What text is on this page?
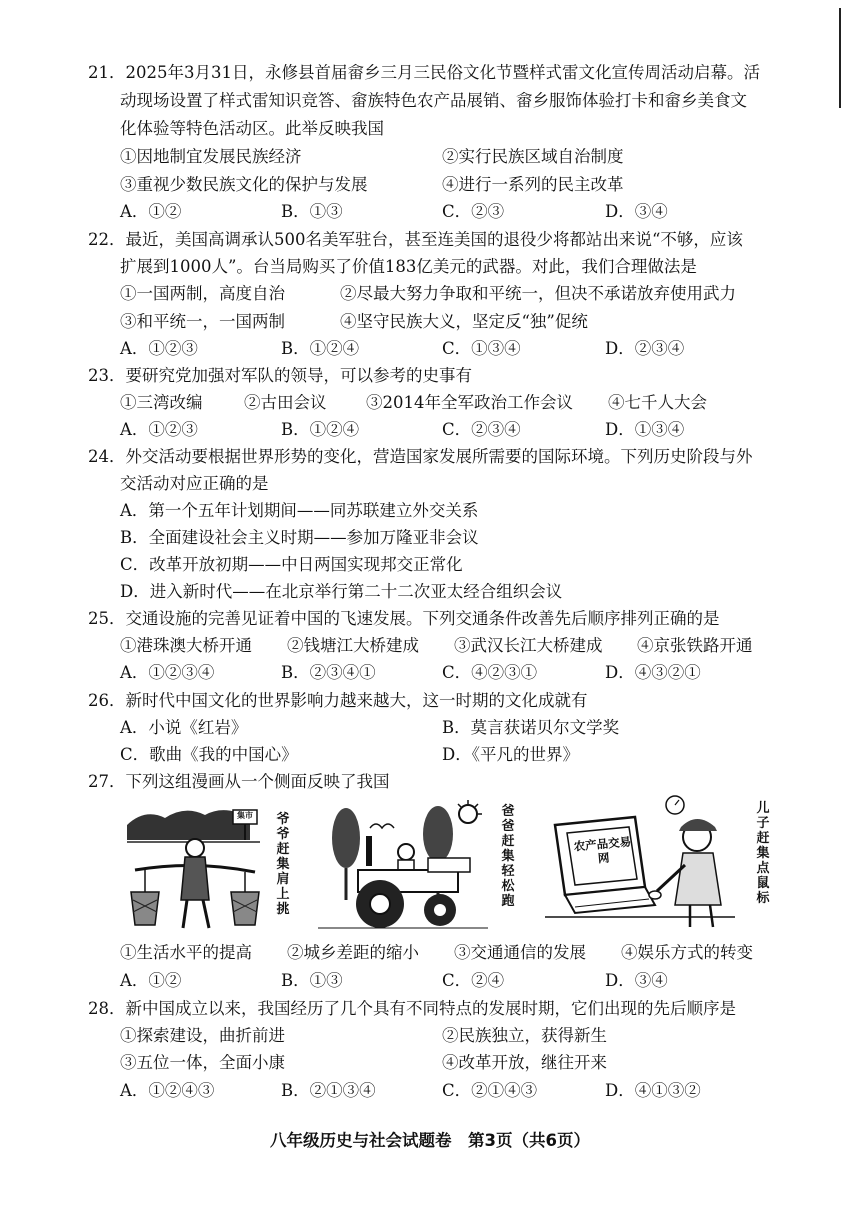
21．2025年3月31日，永修县首届畲乡三月三民俗文化节暨样式雷文化宣传周活动启幕。活
动现场设置了样式雷知识竞答、畲族特色农产品展销、畲乡服饰体验打卡和畲乡美食文
化体验等特色活动区。此举反映我国
①因地制宜发展民族经济	②实行民族区域自治制度
③重视少数民族文化的保护与发展	④进行一系列的民主改革
A．①②	B．①③	C．②③	D．③④
22．最近，美国高调承认500名美军驻台，甚至连美国的退役少将都站出来说“不够，应该
扩展到1000人”。台当局购买了价值183亿美元的武器。对此，我们合理做法是
①一国两制，高度自治	②尽最大努力争取和平统一，但决不承诺放弃使用武力
③和平统一，一国两制	④坚守民族大义，坚定反“独”促统
A．①②③	B．①②④	C．①③④	D．②③④
23．要研究党加强对军队的领导，可以参考的史事有
①三湾改编	②古田会议 ③2014年全军政治工作会议 ④七千人大会
A．①②③	B．①②④	C．②③④	D．①③④
24．外交活动要根据世界形势的变化，营造国家发展所需要的国际环境。下列历史阶段与外
交活动对应正确的是
A．第一个五年计划期间——同苏联建立外交关系
B．全面建设社会主义时期——参加万隆亚非会议
C．改革开放初期——中日两国实现邦交正常化
D．进入新时代——在北京举行第二十二次亚太经合组织会议
25．交通设施的完善见证着中国的飞速发展。下列交通条件改善先后顺序排列正确的是
①港珠澳大桥开通 ②钱塘江大桥建成 ③武汉长江大桥建成 ④京张铁路开通
A．①②③④	B．②③④①	C．④②③①	D．④③②①
26．新时代中国文化的世界影响力越来越大，这一时期的文化成就有
A．小说《红岩》	B．莫言获诺贝尔文学奖
C．歌曲《我的中国心》	D．《平凡的世界》
27．下列这组漫画从一个侧面反映了我国
集市	爷爷赶集肩上挑
爸爸赶集轻松跑
农产品交易网
儿子赶集点鼠标
①生活水平的提高 ②城乡差距的缩小 ③交通通信的发展 ④娱乐方式的转变
A．①②	B．①③	C．②④	D．③④
28．新中国成立以来，我国经历了几个具有不同特点的发展时期，它们出现的先后顺序是
①探索建设，曲折前进	②民族独立，获得新生
③五位一体，全面小康	④改革开放，继往开来
A．①②④③	B．②①③④	C．②①④③	D．④①③②
八年级历史与社会试题卷　第3页（共6页）
